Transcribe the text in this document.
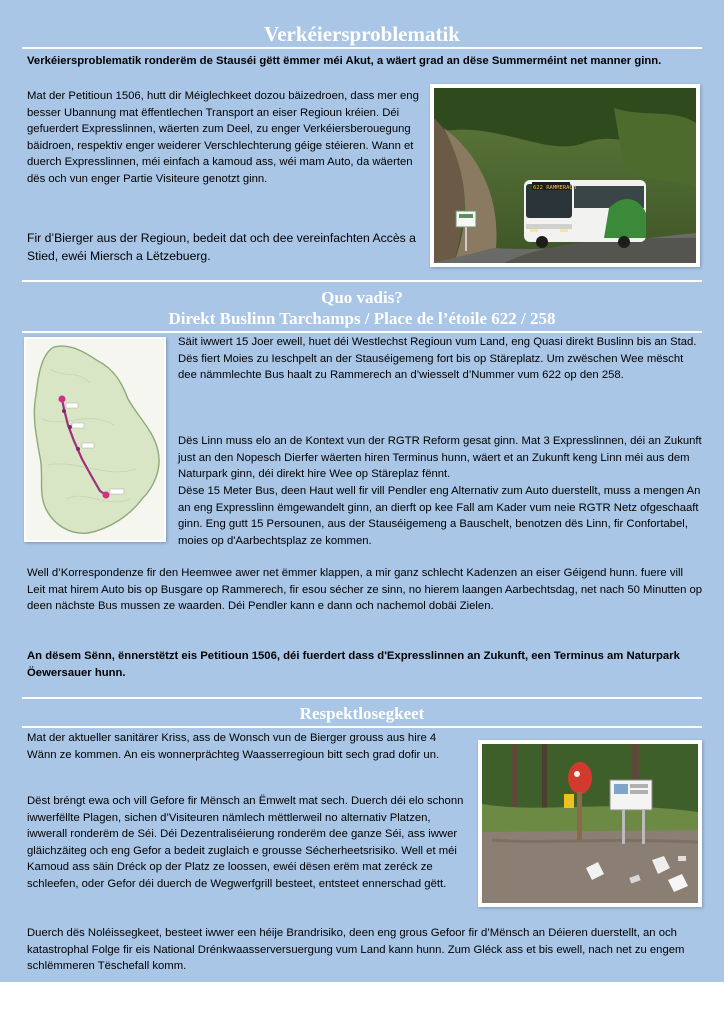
Verkéiersproblematik
Verkéiersproblematik ronderëm de Stauséi gëtt ëmmer méi Akut, a wäert grad an dëse Summerméint net manner ginn.
Mat der Petitioun 1506, hutt dir Méiglechkeet dozou bäizedroen, dass mer eng besser Ubannung mat ëffentlechen Transport an eiser Regioun kréien. Déi gefuerdert Expresslinnen, wäerten zum Deel, zu enger Verkéiersberouegung bäidroen, respektiv enger weiderer Verschlechterung géige stéieren. Wann et duerch Expresslinnen, méi einfach a kamoud ass, wéi mam Auto, da wäerten dës och vun enger Partie Visiteure genotzt ginn.
Fir d’Bierger aus der Regioun, bedeit dat och dee vereinfachten Accès a Stied, ewéi Miersch a Lëtzebuerg.
622 RAMMERACH
Quo vadis?
Direkt Buslinn Tarchamps / Place de l’étoile 622 / 258
Säit iwwert 15 Joer ewell, huet déi Westlechst Regioun vum Land, eng Quasi direkt Buslinn bis an Stad. Dës fiert Moies zu Ieschpelt an der Stauséigemeng fort bis op Stäreplatz. Um zwëschen Wee mëscht dee nämmlechte Bus haalt zu Rammerech an d’wiesselt d’Nummer vum 622 op den 258.
Dës Linn muss elo an de Kontext vun der RGTR Reform gesat ginn. Mat 3 Expresslinnen, déi an Zukunft just an den Nopesch Dierfer wäerten hiren Terminus hunn, wäert et an Zukunft keng Linn méi aus dem Naturpark ginn, déi direkt hire Wee op Stäreplaz fënnt.
Dëse 15 Meter Bus, deen Haut well fir vill Pendler eng Alternativ zum Auto duerstellt, muss a mengen An an eng Expresslinn ëmgewandelt ginn, an dierft op kee Fall am Kader vum neie RGTR Netz ofgeschaaft ginn. Eng gutt 15 Persounen, aus der Stauséigemeng a Bauschelt, benotzen dës Linn, fir Confortabel, moies op d'Aarbechtsplaz ze kommen.
Well d’Korrespondenze fir den Heemwee awer net ëmmer klappen, a mir ganz schlecht Kadenzen an eiser Géigend hunn. fuere vill Leit mat hirem Auto bis op Busgare op Rammerech, fir esou sécher ze sinn, no hierem laangen Aarbechtsdag, net nach 50 Minutten op deen nächste Bus mussen ze waarden. Déi Pendler kann e dann och nachemol dobäi Zielen.
An dësem Sënn, ënnerstëtzt eis Petitioun 1506, déi fuerdert dass d'Expresslinnen an Zukunft, een Terminus am Naturpark Öewersauer hunn.
Respektlosegkeet
Mat der aktueller sanitärer Kriss, ass de Wonsch vun de Bierger grouss aus hire 4 Wänn ze kommen. An eis wonnerprächteg Waasserregioun bitt sech grad dofir un.
Dëst bréngt ewa och vill Gefore fir Mënsch an Ëmwelt mat sech. Duerch déi elo schonn iwwerfëllte Plagen, sichen d’Visiteuren nämlech mëttlerweil no alternativ Platzen, iwwerall ronderëm de Séi. Déi Dezentraliséierung ronderëm dee ganze Séi, ass iwwer gläichzäiteg och eng Gefor a bedeit zuglaich e grousse Sécherheetsrisiko. Well et méi Kamoud ass säin Dréck op der Platz ze loossen, ewéi dësen erëm mat zeréck ze schleefen, oder Gefor déi duerch de Wegwerfgrill besteet, entsteet ennerschad gëtt.
Duerch dës Noléissegkeet, besteet iwwer een héije Brandrisiko, deen eng grous Gefoor fir d’Mënsch an Déieren duerstellt, an och katastrophal Folge fir eis National Drénkwaasserversuergung vum Land kann hunn. Zum Gléck ass et bis ewell, nach net zu engem schlëmmeren Tëschefall komm.
